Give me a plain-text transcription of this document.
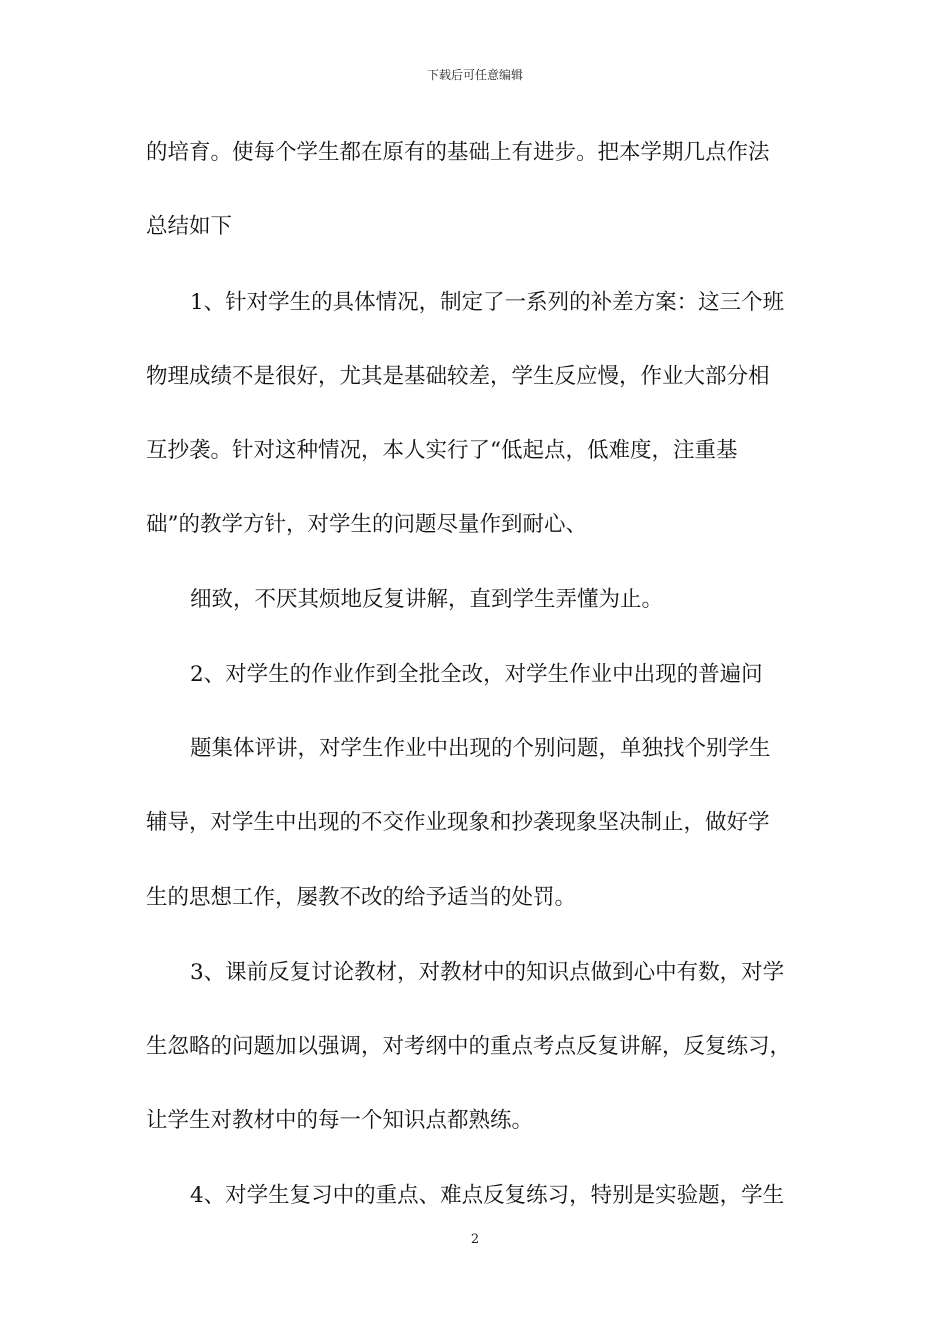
下载后可任意编辑
的培育。使每个学生都在原有的基础上有进步。把本学期几点作法
总结如下
1、针对学生的具体情况，制定了一系列的补差方案：这三个班
物理成绩不是很好，尤其是基础较差，学生反应慢，作业大部分相
互抄袭。针对这种情况，本人实行了“低起点，低难度，注重基
础”的教学方针，对学生的问题尽量作到耐心、
细致，不厌其烦地反复讲解，直到学生弄懂为止。
2、对学生的作业作到全批全改，对学生作业中出现的普遍问
题集体评讲，对学生作业中出现的个别问题，单独找个别学生
辅导，对学生中出现的不交作业现象和抄袭现象坚决制止，做好学
生的思想工作，屡教不改的给予适当的处罚。
3、课前反复讨论教材，对教材中的知识点做到心中有数，对学
生忽略的问题加以强调，对考纲中的重点考点反复讲解，反复练习，
让学生对教材中的每一个知识点都熟练。
4、对学生复习中的重点、难点反复练习，特别是实验题，学生
2
